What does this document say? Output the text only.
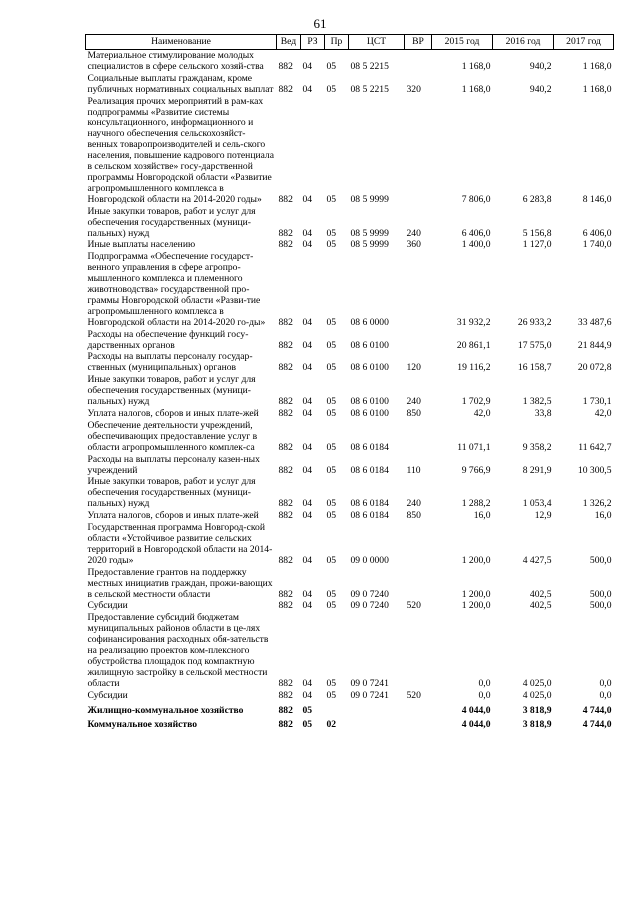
61
Наименование	Вед	РЗ	Пр	ЦСТ	ВР	2015 год	2016 год	2017 год
Материальное стимулирование молодых специалистов в сфере сельского хозяй-ства	882	04	05	08 5 2215		1 168,0	940,2	1 168,0
Социальные выплаты гражданам, кроме публичных нормативных социальных выплат	882	04	05	08 5 2215	320	1 168,0	940,2	1 168,0
Реализация прочих мероприятий в рам-ках подпрограммы «Развитие системы консультационного, информационного и научного обеспечения сельскохозяйст-венных товаропроизводителей и сель-ского населения, повышение кадрового потенциала в сельском хозяйстве» госу-дарственной программы Новгородской области «Развитие агропромышленного комплекса в Новгородской области на 2014-2020 годы»	882	04	05	08 5 9999		7 806,0	6 283,8	8 146,0
Иные закупки товаров, работ и услуг для обеспечения государственных (муници-пальных) нужд	882	04	05	08 5 9999	240	6 406,0	5 156,8	6 406,0
Иные выплаты населению	882	04	05	08 5 9999	360	1 400,0	1 127,0	1 740,0
Подпрограмма «Обеспечение государст-венного управления в сфере агропро-мышленного комплекса и племенного животноводства» государственной про-граммы Новгородской области «Разви-тие агропромышленного комплекса в Новгородской области на 2014-2020 го-ды»	882	04	05	08 6 0000		31 932,2	26 933,2	33 487,6
Расходы на обеспечение функций госу-дарственных органов	882	04	05	08 6 0100		20 861,1	17 575,0	21 844,9
Расходы на выплаты персоналу государ-ственных (муниципальных) органов	882	04	05	08 6 0100	120	19 116,2	16 158,7	20 072,8
Иные закупки товаров, работ и услуг для обеспечения государственных (муници-пальных) нужд	882	04	05	08 6 0100	240	1 702,9	1 382,5	1 730,1
Уплата налогов, сборов и иных плате-жей	882	04	05	08 6 0100	850	42,0	33,8	42,0
Обеспечение деятельности учреждений, обеспечивающих предоставление услуг в области агропромышленного комплек-са	882	04	05	08 6 0184		11 071,1	9 358,2	11 642,7
Расходы на выплаты персоналу казен-ных учреждений	882	04	05	08 6 0184	110	9 766,9	8 291,9	10 300,5
Иные закупки товаров, работ и услуг для обеспечения государственных (муници-пальных) нужд	882	04	05	08 6 0184	240	1 288,2	1 053,4	1 326,2
Уплата налогов, сборов и иных плате-жей	882	04	05	08 6 0184	850	16,0	12,9	16,0
Государственная программа Новгород-ской области «Устойчивое развитие сельских территорий в Новгородской области на 2014-2020 годы»	882	04	05	09 0 0000		1 200,0	4 427,5	500,0
Предоставление грантов на поддержку местных инициатив граждан, прожи-вающих в сельской местности области	882	04	05	09 0 7240		1 200,0	402,5	500,0
Субсидии	882	04	05	09 0 7240	520	1 200,0	402,5	500,0
Предоставление субсидий бюджетам муниципальных районов области в це-лях софинансирования расходных обя-зательств на реализацию проектов ком-плексного обустройства площадок под компактную жилищную застройку в сельской местности области	882	04	05	09 0 7241		0,0	4 025,0	0,0
Субсидии	882	04	05	09 0 7241	520	0,0	4 025,0	0,0
Жилищно-коммунальное хозяйство	882	05				4 044,0	3 818,9	4 744,0
Коммунальное хозяйство	882	05	02			4 044,0	3 818,9	4 744,0
